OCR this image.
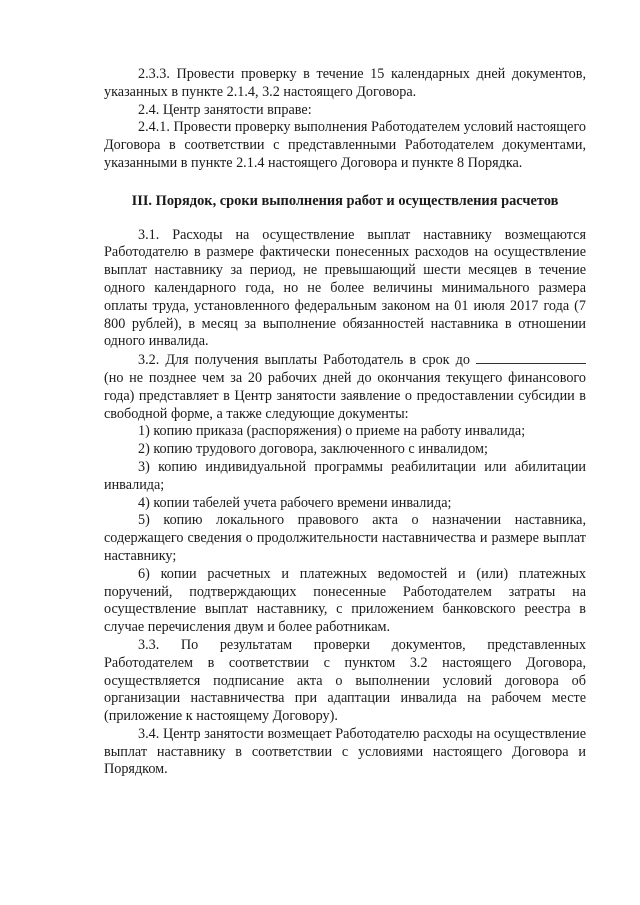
2.3.3. Провести проверку в течение 15 календарных дней документов, указанных в пункте 2.1.4, 3.2 настоящего Договора.

2.4. Центр занятости вправе:

2.4.1. Провести проверку выполнения Работодателем условий настоящего Договора в соответствии с представленными Работодателем документами, указанными в пункте 2.1.4 настоящего Договора и пункте 8 Порядка.

III. Порядок, сроки выполнения работ и осуществления расчетов

3.1. Расходы на осуществление выплат наставнику возмещаются Работодателю в размере фактически понесенных расходов на осуществление выплат наставнику за период, не превышающий шести месяцев в течение одного календарного года, но не более величины минимального размера оплаты труда, установленного федеральным законом на 01 июля 2017 года (7 800 рублей), в месяц за выполнение обязанностей наставника в отношении одного инвалида.

3.2. Для получения выплаты Работодатель в срок до  (но не позднее чем за 20 рабочих дней до окончания текущего финансового года) представляет в Центр занятости заявление о предоставлении субсидии в свободной форме, а также следующие документы:

1) копию приказа (распоряжения) о приеме на работу инвалида;

2) копию трудового договора, заключенного с инвалидом;

3) копию индивидуальной программы реабилитации или абилитации инвалида;

4) копии табелей учета рабочего времени инвалида;

5) копию локального правового акта о назначении наставника, содержащего сведения о продолжительности наставничества и размере выплат наставнику;

6) копии расчетных и платежных ведомостей и (или) платежных поручений, подтверждающих понесенные Работодателем затраты на осуществление выплат наставнику, с приложением банковского реестра в случае перечисления двум и более работникам.

3.3. По результатам проверки документов, представленных Работодателем в соответствии с пунктом 3.2 настоящего Договора, осуществляется подписание акта о выполнении условий договора об организации наставничества при адаптации инвалида на рабочем месте (приложение к настоящему Договору).

3.4. Центр занятости возмещает Работодателю расходы на осуществление выплат наставнику в соответствии с условиями настоящего Договора и Порядком.
